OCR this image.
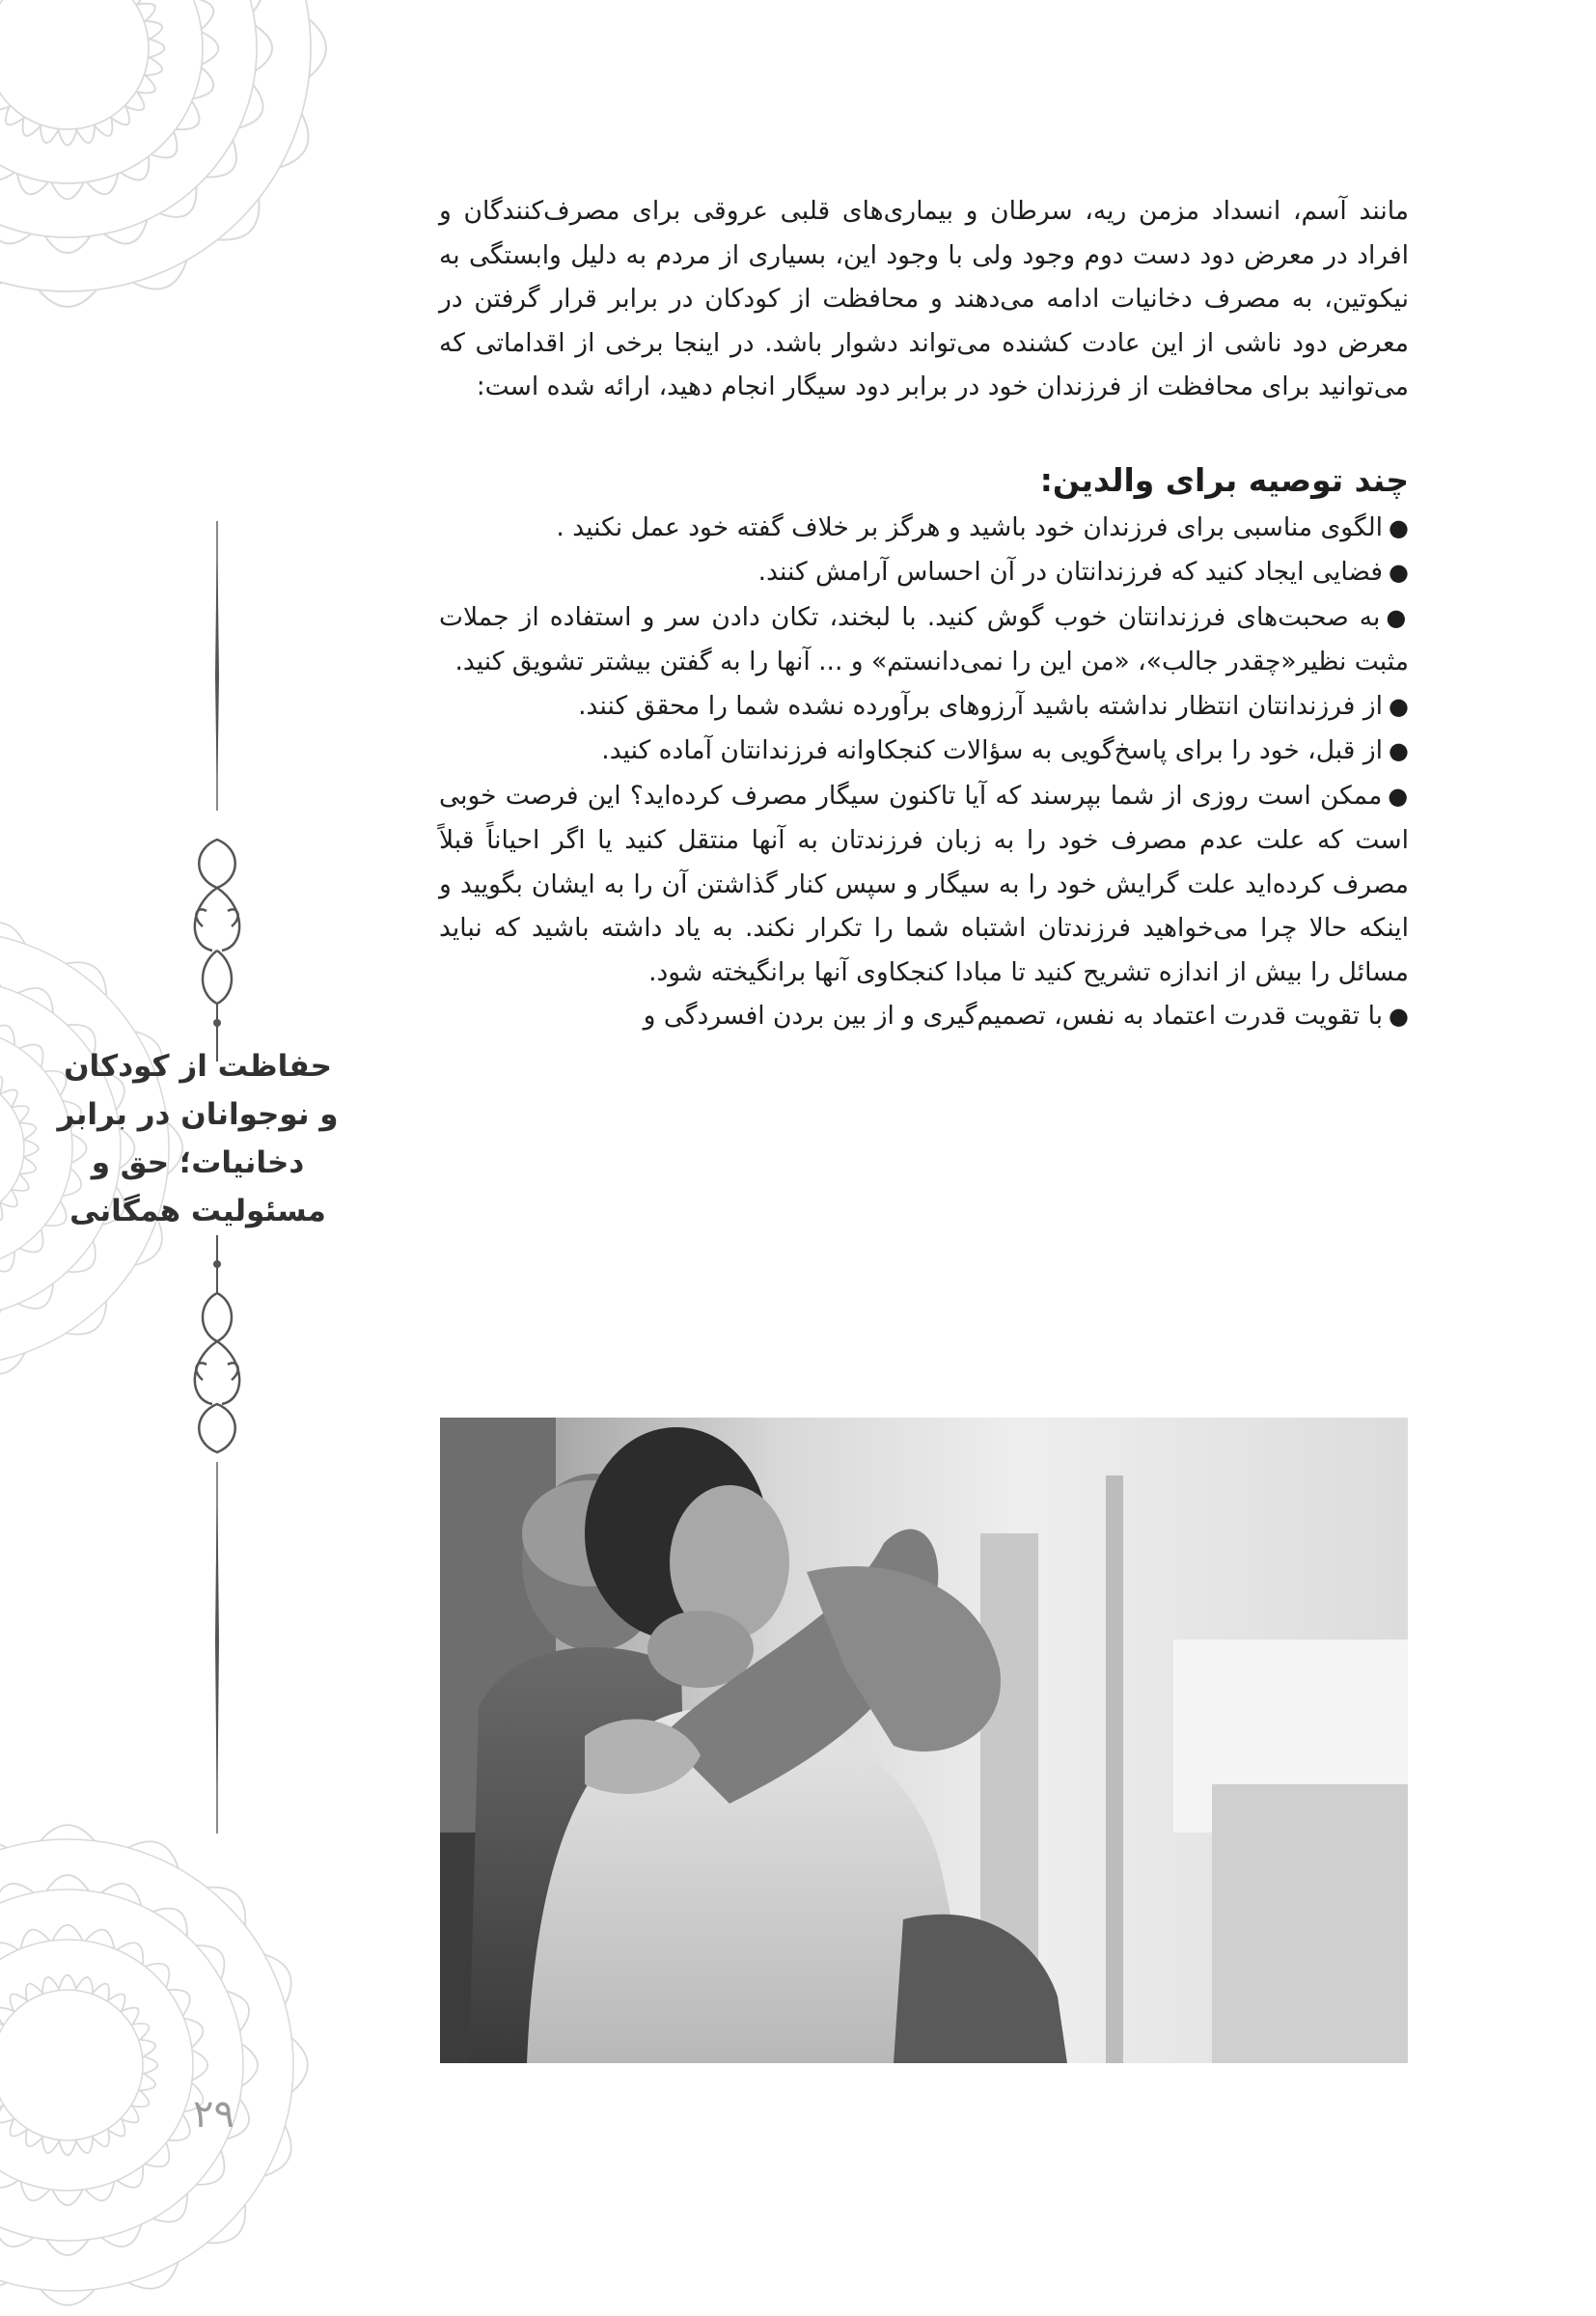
مانند آسم، انسداد مزمن ریه، سرطان و بیماری‌های قلبی عروقی برای مصرف‌کنندگان و افراد در معرض دود دست دوم وجود ولی با وجود این، بسیاری از مردم به دلیل وابستگی به نیکوتین، به مصرف دخانیات ادامه می‌دهند و محافظت از کودکان در برابر قرار گرفتن در معرض دود ناشی از این عادت کشنده می‌تواند دشوار باشد. در اینجا برخی از اقداماتی که می‌توانید برای محافظت از فرزندان خود در برابر دود سیگار انجام دهید، ارائه شده است:

چند توصیه برای والدین:

●الگوی مناسبی برای فرزندان خود باشید و هرگز بر خلاف گفته خود عمل نکنید .

●فضایی ایجاد کنید که فرزندانتان در آن احساس آرامش کنند.

●به صحبت‌های فرزندانتان خوب گوش کنید. با لبخند، تکان دادن سر و استفاده از جملات مثبت نظیر«چقدر جالب»، «من این را نمی‌دانستم» و ... آنها را به گفتن بیشتر تشویق کنید.

●از فرزندانتان انتظار نداشته باشید آرزوهای برآورده نشده شما را محقق کنند.

●از قبل، خود را برای پاسخ‌گویی به سؤالات کنجکاوانه فرزندانتان آماده کنید.

●ممکن است روزی از شما بپرسند که آیا تاکنون سیگار مصرف کرده‌اید؟ این فرصت خوبی است که علت عدم مصرف خود را به زبان فرزندتان به آنها منتقل کنید یا اگر احیاناً قبلاً مصرف کرده‌اید علت گرایش خود را به سیگار و سپس کنار گذاشتن آن را به ایشان بگویید و اینکه حالا چرا می‌خواهید فرزندتان اشتباه شما را تکرار نکند. به یاد داشته باشید که نباید مسائل را بیش از اندازه تشریح کنید تا مبادا کنجکاوی آنها برانگیخته شود.

●با تقویت قدرت اعتماد به نفس، تصمیم‌گیری و از بین بردن افسردگی و

حفاظت از کودکان
و نوجوانان در برابر
دخانیات؛ حق و
مسئولیت همگانی
۲۹
